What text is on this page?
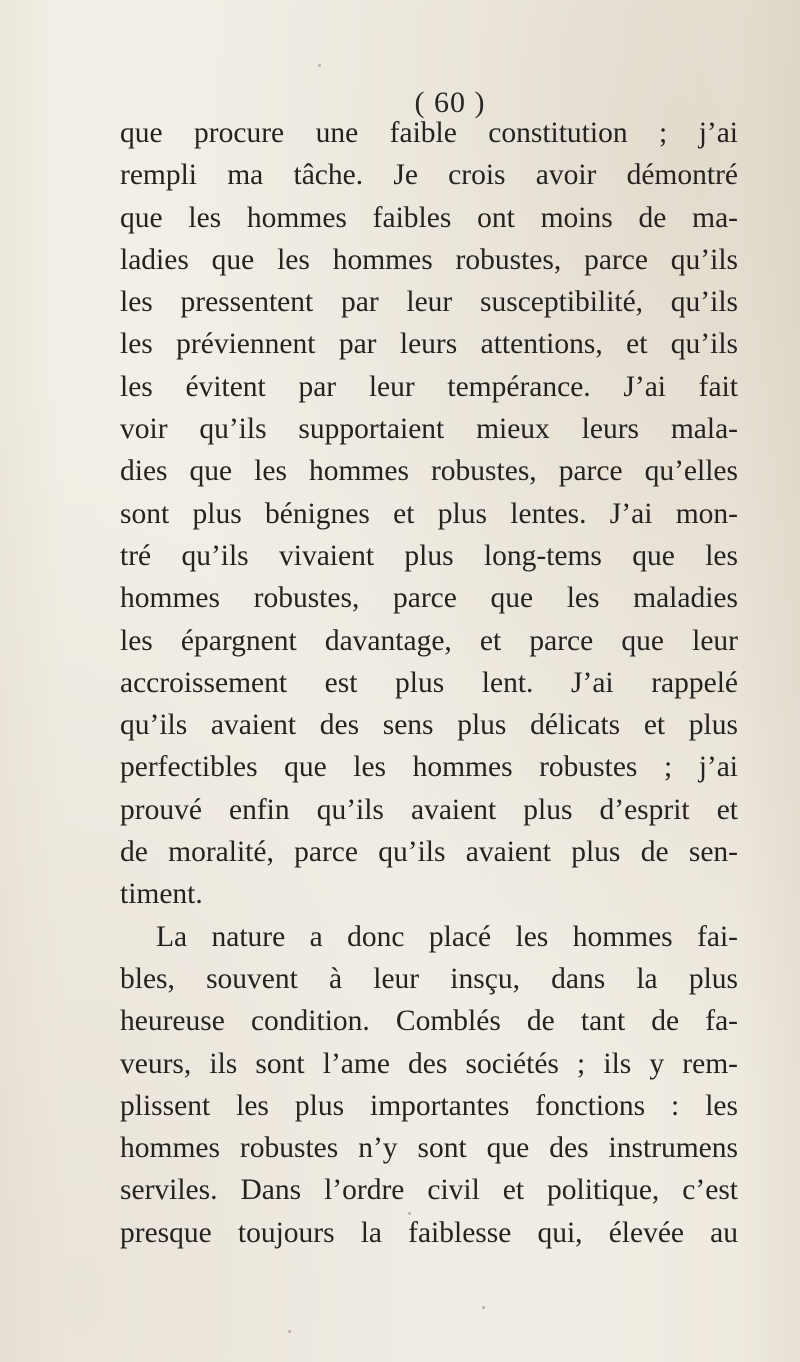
( 60 )
que procure une faible constitution ; j’ai
rempli ma tâche. Je crois avoir démontré
que les hommes faibles ont moins de ma-
ladies que les hommes robustes, parce qu’ils
les pressentent par leur susceptibilité, qu’ils
les préviennent par leurs attentions, et qu’ils
les évitent par leur tempérance. J’ai fait
voir qu’ils supportaient mieux leurs mala-
dies que les hommes robustes, parce qu’elles
sont plus bénignes et plus lentes. J’ai mon-
tré qu’ils vivaient plus long-tems que les
hommes robustes, parce que les maladies
les épargnent davantage, et parce que leur
accroissement est plus lent. J’ai rappelé
qu’ils avaient des sens plus délicats et plus
perfectibles que les hommes robustes ; j’ai
prouvé enfin qu’ils avaient plus d’esprit et
de moralité, parce qu’ils avaient plus de sen-
timent.
La nature a donc placé les hommes fai-
bles, souvent à leur insçu, dans la plus
heureuse condition. Comblés de tant de fa-
veurs, ils sont l’ame des sociétés ; ils y rem-
plissent les plus importantes fonctions : les
hommes robustes n’y sont que des instrumens
serviles. Dans l’ordre civil et politique, c’est
presque toujours la faiblesse qui, élevée au
